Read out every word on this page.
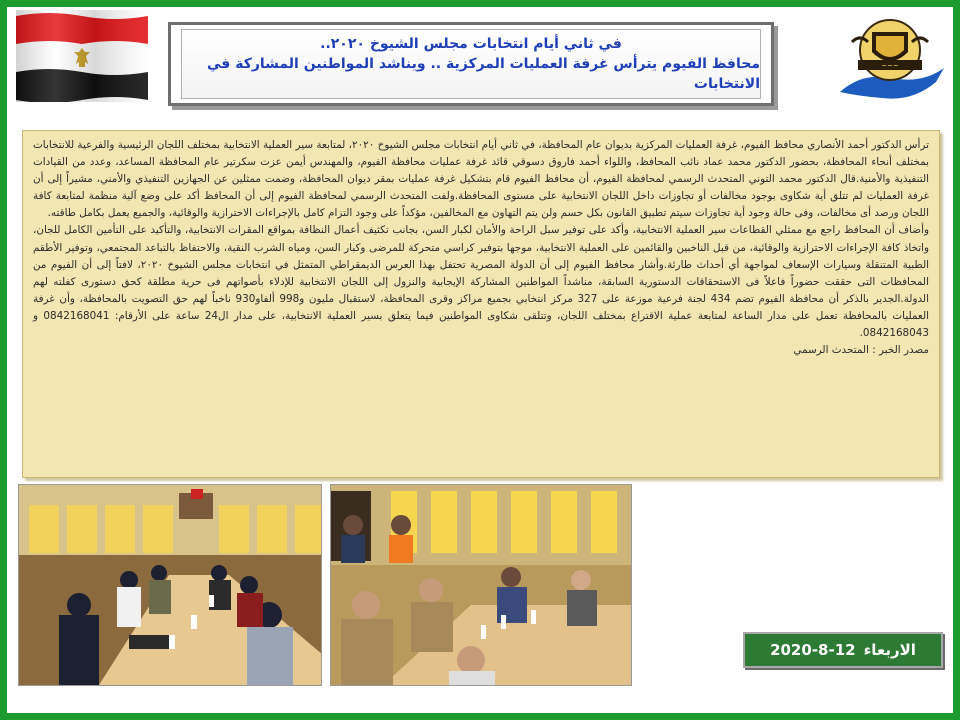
في ثاني أيام انتخابات مجلس الشيوخ ٢٠٢٠..
محافظ الفيوم يترأس غرفة العمليات المركزية .. ويناشد المواطنين المشاركة في الانتخابات
~~~

ترأس الدكتور أحمد الأنصاري محافظ الفيوم، غرفة العمليات المركزية بديوان عام المحافظة، في ثاني أيام انتخابات مجلس الشيوخ ٢٠٢٠، لمتابعة سير العملية الانتخابية بمختلف اللجان الرئيسية والفرعية للانتخابات بمختلف أنحاء المحافظة، بحضور الدكتور محمد عماد نائب المحافظ، واللواء أحمد فاروق دسوقي قائد غرفة عمليات محافظة الفيوم، والمهندس أيمن عزت سكرتير عام المحافظة المساعد، وعدد من القيادات التنفيذية والأمنية.قال الدكتور محمد التوني المتحدث الرسمي لمحافظة الفيوم، أن محافظ الفيوم قام بتشكيل غرفة عمليات بمقر ديوان المحافظة، وضمت ممثلين عن الجهازين التنفيذي والأمني، مشيراً إلى أن غرفة العمليات لم تتلق أية شكاوى بوجود مخالفات أو تجاوزات داخل اللجان الانتخابية على مستوى المحافظة.ولفت المتحدث الرسمي لمحافظة الفيوم إلى أن المحافظ أكد على وضع آلية منظمة لمتابعة كافة اللجان ورصد أى مخالفات، وفى حالة وجود أية تجاوزات سيتم تطبيق القانون بكل حسم ولن يتم التهاون مع المخالفين، مؤكداً على وجود التزام كامل بالإجراءات الاحترازية والوقائية، والجميع يعمل بكامل طاقته.

وأضاف أن المحافظ راجع مع ممثلي القطاعات سير العملية الانتخابية، وأكد على توفير سبل الراحة والأمان لكبار السن، بجانب تكثيف أعمال النظافة بمواقع المقرات الانتخابية، والتأكيد على التأمين الكامل للجان، واتخاذ كافة الإجراءات الاحترازية والوقائية، من قبل الناخبين والقائمين على العملية الانتخابية، موجها بتوفير كراسي متحركة للمرضى وكبار السن، ومياه الشرب النقية، والاحتفاظ بالتباعد المجتمعي، وتوفير الأطقم الطبية المتنقلة وسيارات الإسعاف لمواجهة أي أحداث طارئة.وأشار محافظ الفيوم إلى أن الدولة المصرية تحتفل بهذا العرس الديمقراطي المتمثل في انتخابات مجلس الشيوخ ٢٠٢٠، لافتاً إلى أن الفيوم من المحافظات التى حققت حضوراً فاعلاً فى الاستحقاقات الدستورية السابقة، مناشداً المواطنين المشاركة الإيجابية والنزول إلى اللجان الانتخابية للإدلاء بأصواتهم فى حرية مطلقة كحق دستورى كفلته لهم الدولة.الجدير بالذكر أن محافظة الفيوم تضم 434 لجنة فرعية موزعة على 327 مركز انتخابي بجميع مراكز وقرى المحافظة، لاستقبال مليون و998 ألفاو930 ناخباً لهم حق التصويت بالمحافظة، وأن غرفة العمليات بالمحافظة تعمل على مدار الساعة لمتابعة عملية الاقتراع بمختلف اللجان، وتتلقى شكاوى المواطنين فيما يتعلق بسير العملية الانتخابية، على مدار ال24 ساعة على الأرقام: 0842168041 و 0842168043.

مصدر الخبر : المتحدث الرسمي

الاربعاء
2020-8-12
